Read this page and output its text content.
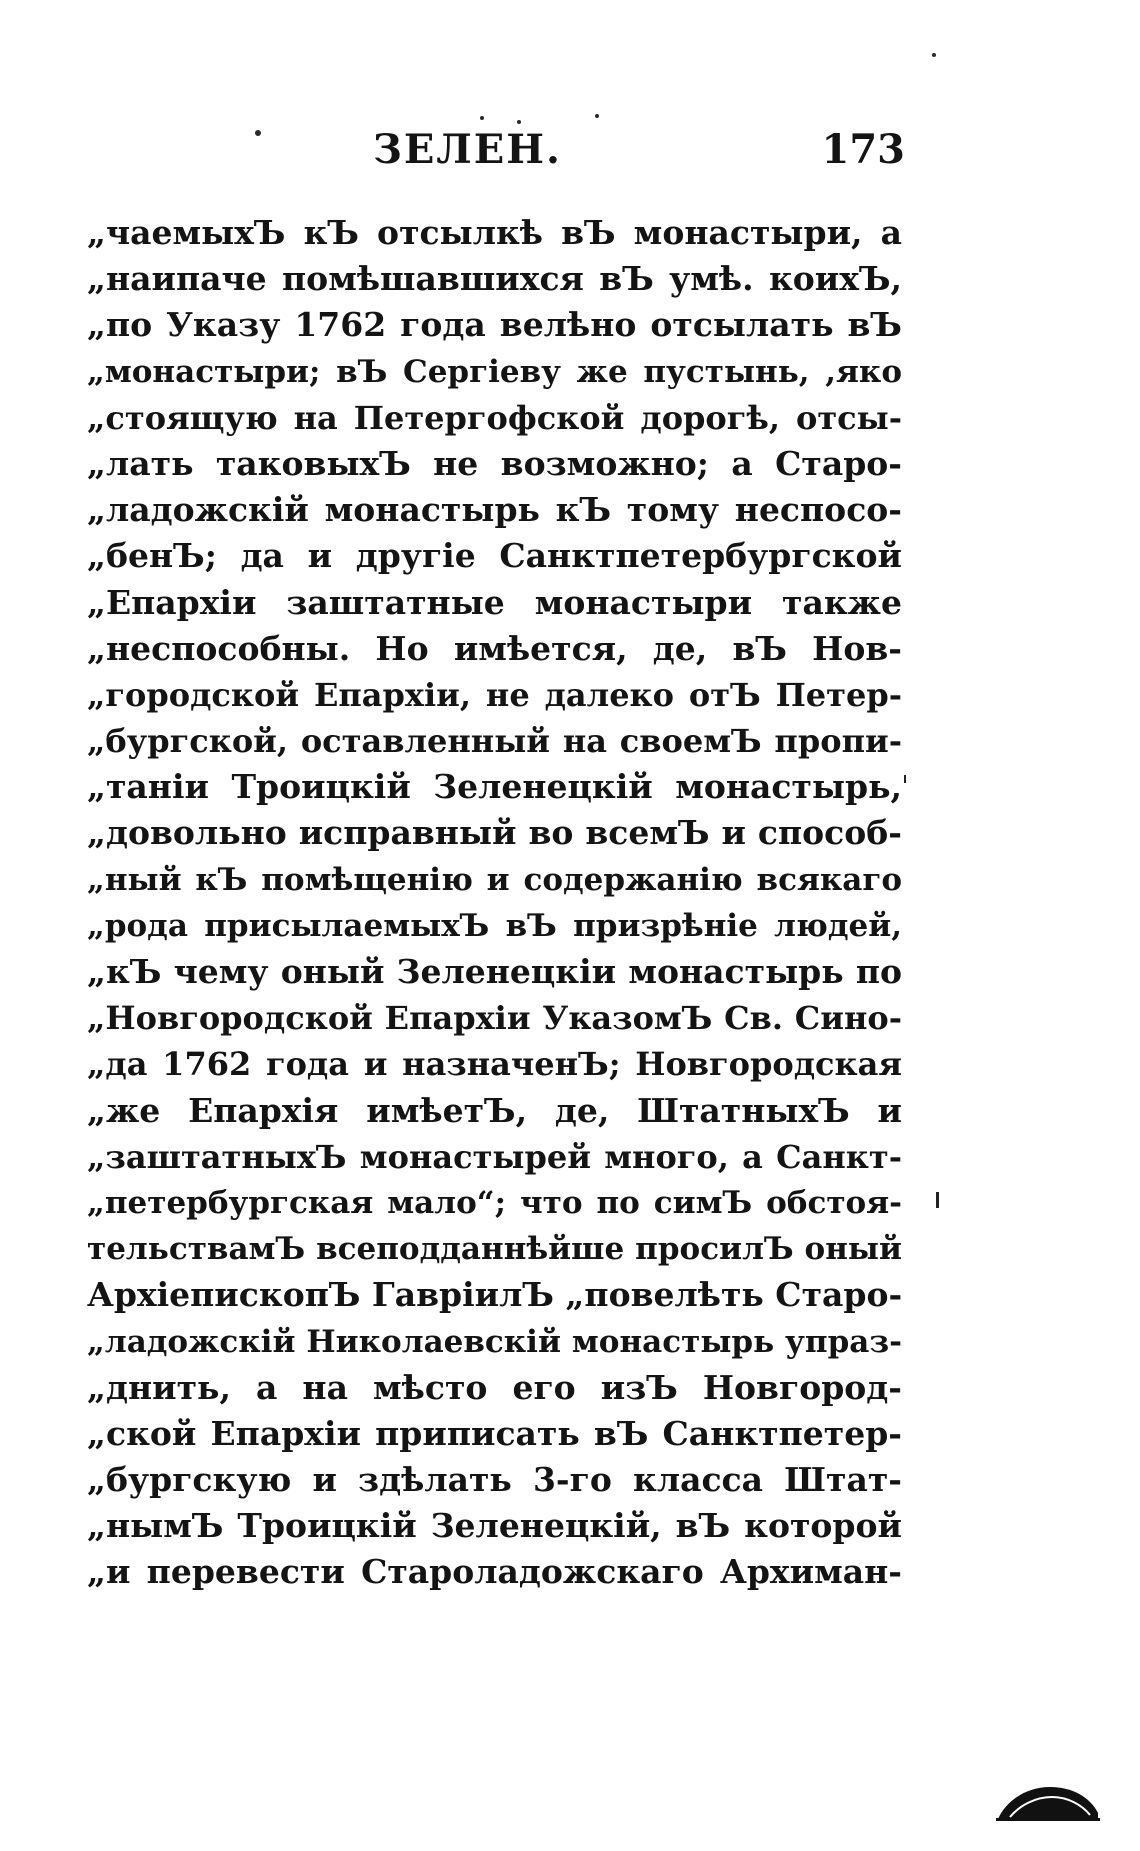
ЗЕЛЕН.	173
„чаемыхЪ кЪ отсылкѣ вЪ монастыри, а
„наипаче помѣшавшихся вЪ умѣ. коихЪ,
„по Указу 1762 года велѣно отсылать вЪ
„монастыри; вЪ Сергіеву же пустынь, ,яко
„стоящую на Петергофской дорогѣ, отсы-
„лать таковыхЪ не возможно; а Старо-
„ладожскій монастырь кЪ тому неспосо-
„бенЪ; да и другіе Санктпетербургской
„Епархіи заштатные монастыри также
„неспособны. Но имѣется, де, вЪ Нов-
„городской Епархіи, не далеко отЪ Петер-
„бургской, оставленный на своемЪ пропи-
„таніи Троицкій Зеленецкій монастырь,
„довольно исправный во всемЪ и способ-
„ный кЪ помѣщенію и содержанію всякаго
„рода присылаемыхЪ вЪ призрѣніе людей,
„кЪ чему оный Зеленецкіи монастырь по
„Новгородской Епархіи УказомЪ Св. Сино-
„да 1762 года и назначенЪ; Новгородская
„же Епархія имѣетЪ, де, ШтатныхЪ и
„заштатныхЪ монастырей много, а Санкт-
„петербургская мало“; что по симЪ обстоя-
тельствамЪ всеподданнѣйше просилЪ оный
АрхіепископЪ ГавріилЪ „повелѣть Старо-
„ладожскій Николаевскій монастырь упраз-
„днить, а на мѣсто его изЪ Новгород-
„ской Епархіи приписать вЪ Санктпетер-
„бургскую и здѣлать 3-го класса Штат-
„нымЪ Троицкій Зеленецкій, вЪ которой
„и перевести Староладожскаго Архиман-
